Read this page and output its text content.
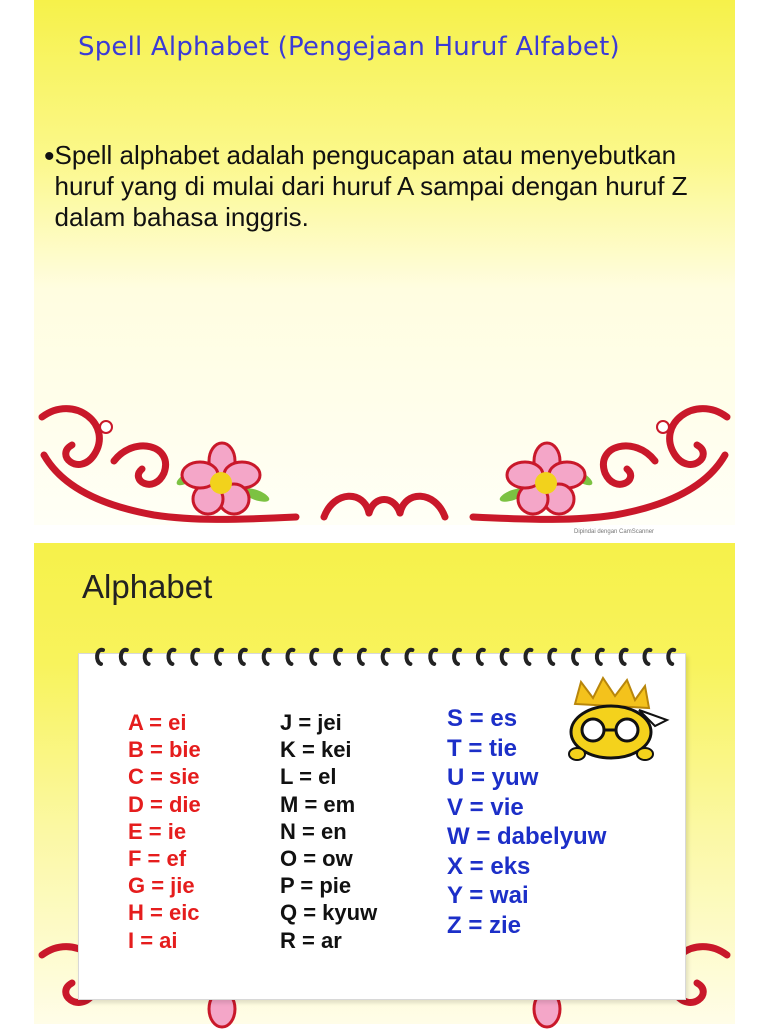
Spell Alphabet (Pengejaan Huruf Alfabet)
• Spell alphabet adalah pengucapan atau menyebutkan huruf yang di mulai dari huruf A sampai dengan huruf Z dalam bahasa inggris.
Dipindai dengan CamScanner
Alphabet
A = ei
B = bie
C = sie
D = die
E = ie
F = ef
G = jie
H = eic
I = ai
J = jei
K = kei
L = el
M = em
N = en
O = ow
P = pie
Q = kyuw
R = ar
S = es
T = tie
U = yuw
V = vie
W = dabelyuw
X = eks
Y = wai
Z = zie
